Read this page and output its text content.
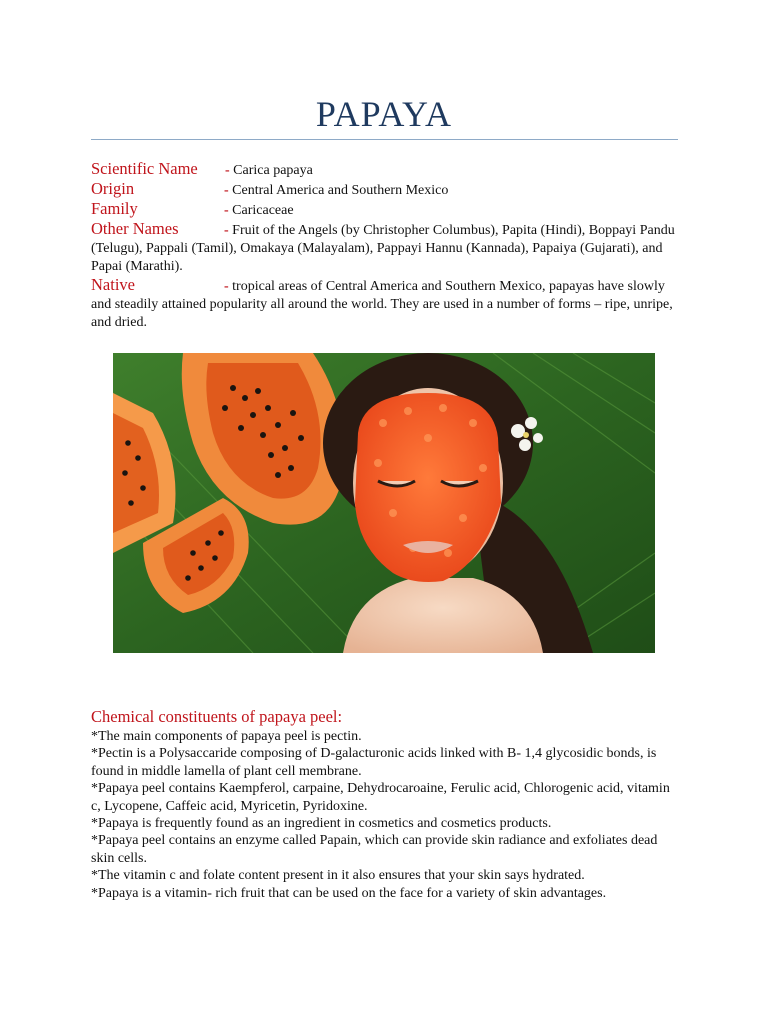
PAPAYA

Scientific Name - Carica papaya

Origin	- Central America and Southern Mexico

Family	- Caricaceae

Other Names	- Fruit of the Angels (by Christopher Columbus), Papita (Hindi), Boppayi Pandu (Telugu), Pappali (Tamil), Omakaya (Malayalam), Pappayi Hannu (Kannada), Papaiya (Gujarati), and Papai (Marathi).

Native	- tropical areas of Central America and Southern Mexico, papayas have slowly and steadily attained popularity all around the world. They are used in a number of forms – ripe, unripe, and dried.

Chemical constituents of papaya peel:

*The main components of papaya peel is pectin.

*Pectin is a Polysaccaride composing of D-galacturonic acids linked with B- 1,4 glycosidic bonds, is found in middle lamella of plant cell membrane.

*Papaya peel contains Kaempferol, carpaine, Dehydrocaroaine, Ferulic acid, Chlorogenic acid, vitamin c, Lycopene, Caffeic acid, Myricetin, Pyridoxine.

*Papaya is frequently found as an ingredient in cosmetics and cosmetics products.

*Papaya peel contains an enzyme called Papain, which can provide skin radiance and exfoliates dead skin cells.

*The vitamin c and folate content present in it also ensures that your skin says hydrated.

*Papaya is a vitamin- rich fruit that can be used on the face for a variety of skin advantages.
